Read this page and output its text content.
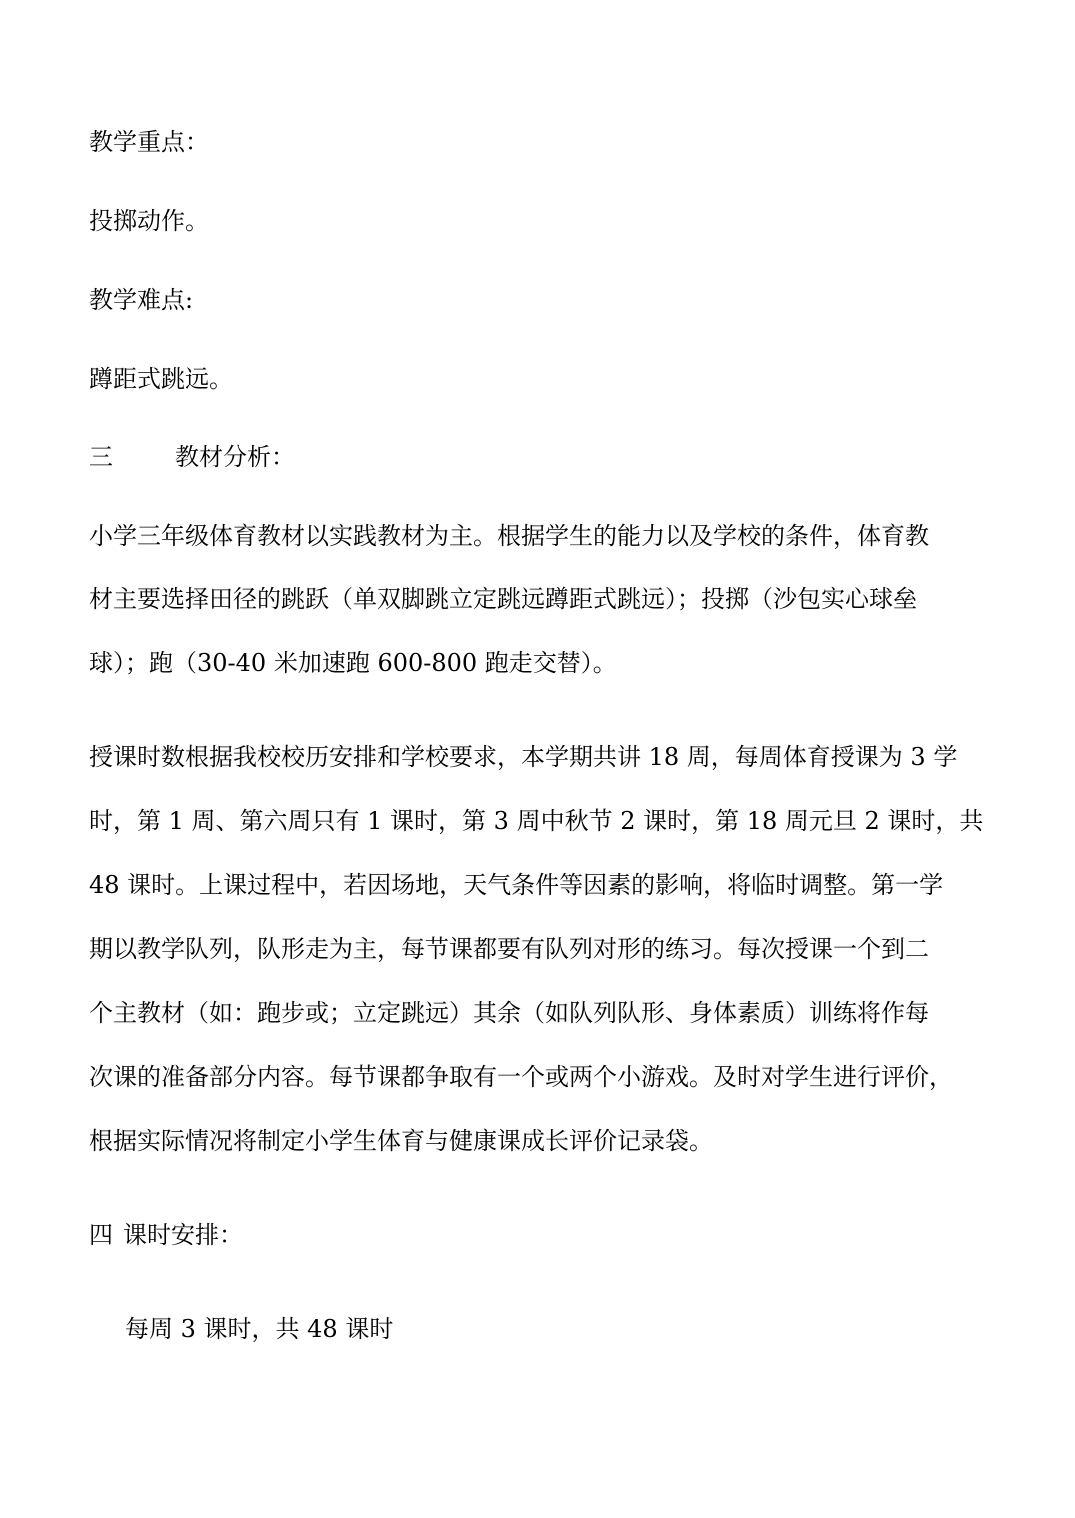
教学重点：
投掷动作。
教学难点:
蹲距式跳远。
三	教材分析：
小学三年级体育教材以实践教材为主。根据学生的能力以及学校的条件，体育教
材主要选择田径的跳跃（单双脚跳立定跳远蹲距式跳远）；投掷（沙包实心球垒
球）；跑（30-40 米加速跑 600-800 跑走交替）。
授课时数根据我校校历安排和学校要求，本学期共讲 18 周，每周体育授课为 3 学
时，第 1 周、第六周只有 1 课时，第 3 周中秋节 2 课时，第 18 周元旦 2 课时，共
48 课时。上课过程中，若因场地，天气条件等因素的影响，将临时调整。第一学
期以教学队列，队形走为主，每节课都要有队列对形的练习。每次授课一个到二
个主教材（如：跑步或；立定跳远）其余（如队列队形、身体素质）训练将作每
次课的准备部分内容。每节课都争取有一个或两个小游戏。及时对学生进行评价，
根据实际情况将制定小学生体育与健康课成长评价记录袋。
四 课时安排：
每周 3 课时，共 48 课时
